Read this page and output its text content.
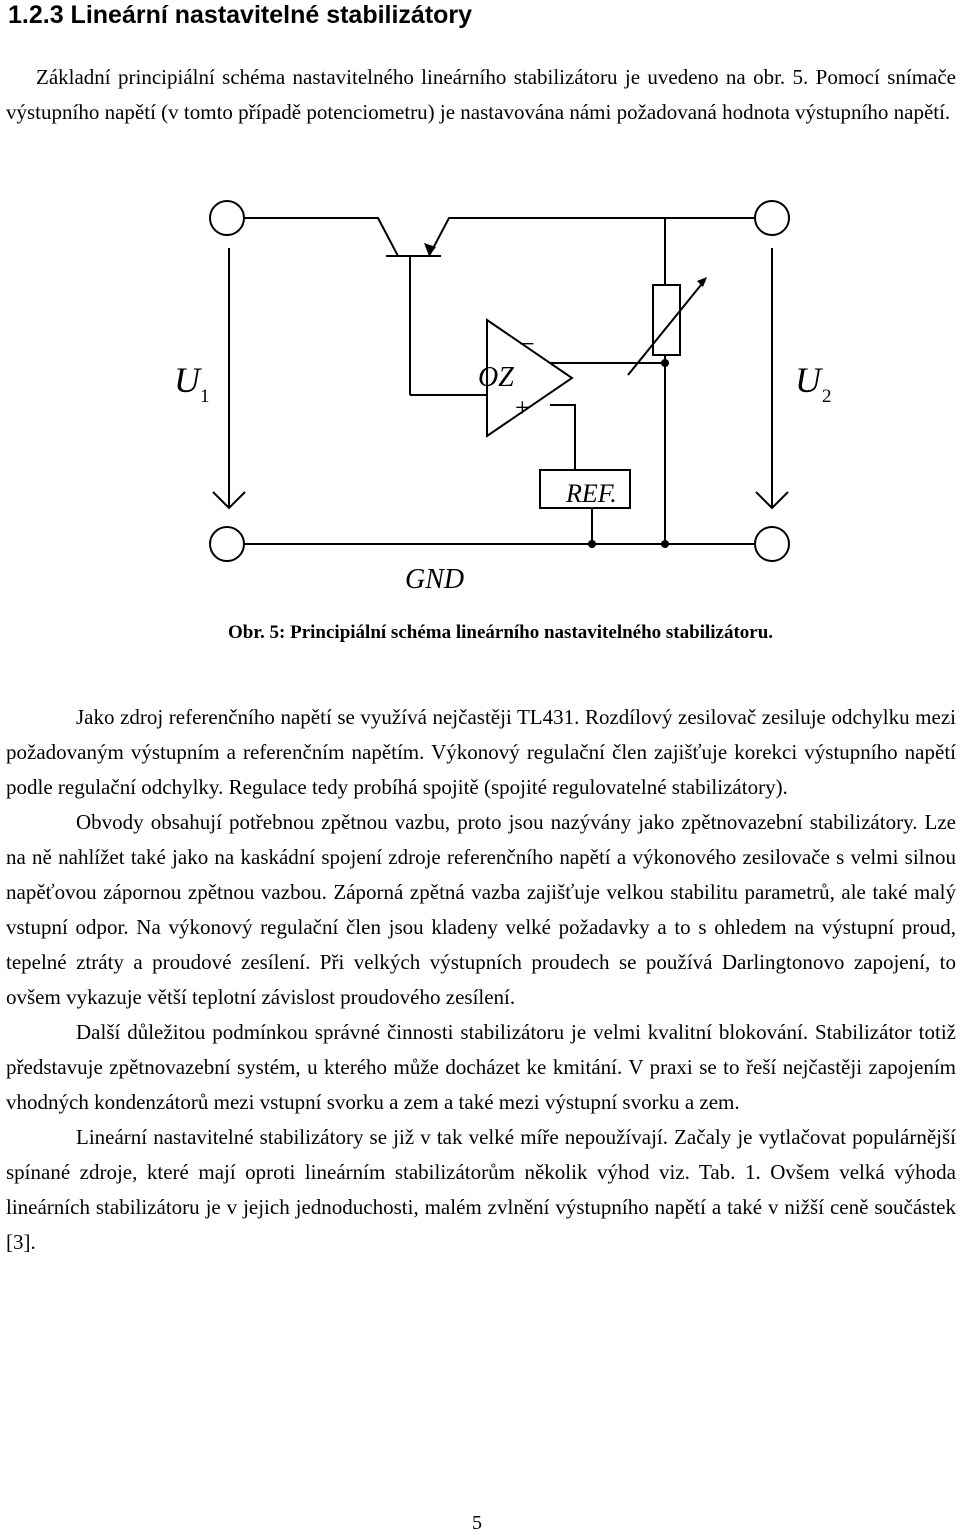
1.2.3 Lineární nastavitelné stabilizátory

Základní principiální schéma nastavitelného lineárního stabilizátoru je uvedeno na obr. 5. Pomocí snímače výstupního napětí (v tomto případě potenciometru) je nastavována námi požadovaná hodnota výstupního napětí.

U 1	U 2
OZ
−
+
REF.
GND

Obr. 5: Principiální schéma lineárního nastavitelného stabilizátoru.

Jako zdroj referenčního napětí se využívá nejčastěji TL431. Rozdílový zesilovač zesiluje odchylku mezi požadovaným výstupním a referenčním napětím. Výkonový regulační člen zajišťuje korekci výstupního napětí podle regulační odchylky. Regulace tedy probíhá spojitě (spojité regulovatelné stabilizátory).

Obvody obsahují potřebnou zpětnou vazbu, proto jsou nazývány jako zpětnovazební stabilizátory. Lze na ně nahlížet také jako na kaskádní spojení zdroje referenčního napětí a výkonového zesilovače s velmi silnou napěťovou zápornou zpětnou vazbou. Záporná zpětná vazba zajišťuje velkou stabilitu parametrů, ale také malý vstupní odpor. Na výkonový regulační člen jsou kladeny velké požadavky a to s ohledem na výstupní proud, tepelné ztráty a proudové zesílení. Při velkých výstupních proudech se používá Darlingtonovo zapojení, to ovšem vykazuje větší teplotní závislost proudového zesílení.

Další důležitou podmínkou správné činnosti stabilizátoru je velmi kvalitní blokování. Stabilizátor totiž představuje zpětnovazební systém, u kterého může docházet ke kmitání. V praxi se to řeší nejčastěji zapojením vhodných kondenzátorů mezi vstupní svorku a zem a také mezi výstupní svorku a zem.

Lineární nastavitelné stabilizátory se již v tak velké míře nepoužívají. Začaly je vytlačovat populárnější spínané zdroje, které mají oproti lineárním stabilizátorům několik výhod viz. Tab. 1. Ovšem velká výhoda lineárních stabilizátoru je v jejich jednoduchosti, malém zvlnění výstupního napětí a také v nižší ceně součástek [3].

5
